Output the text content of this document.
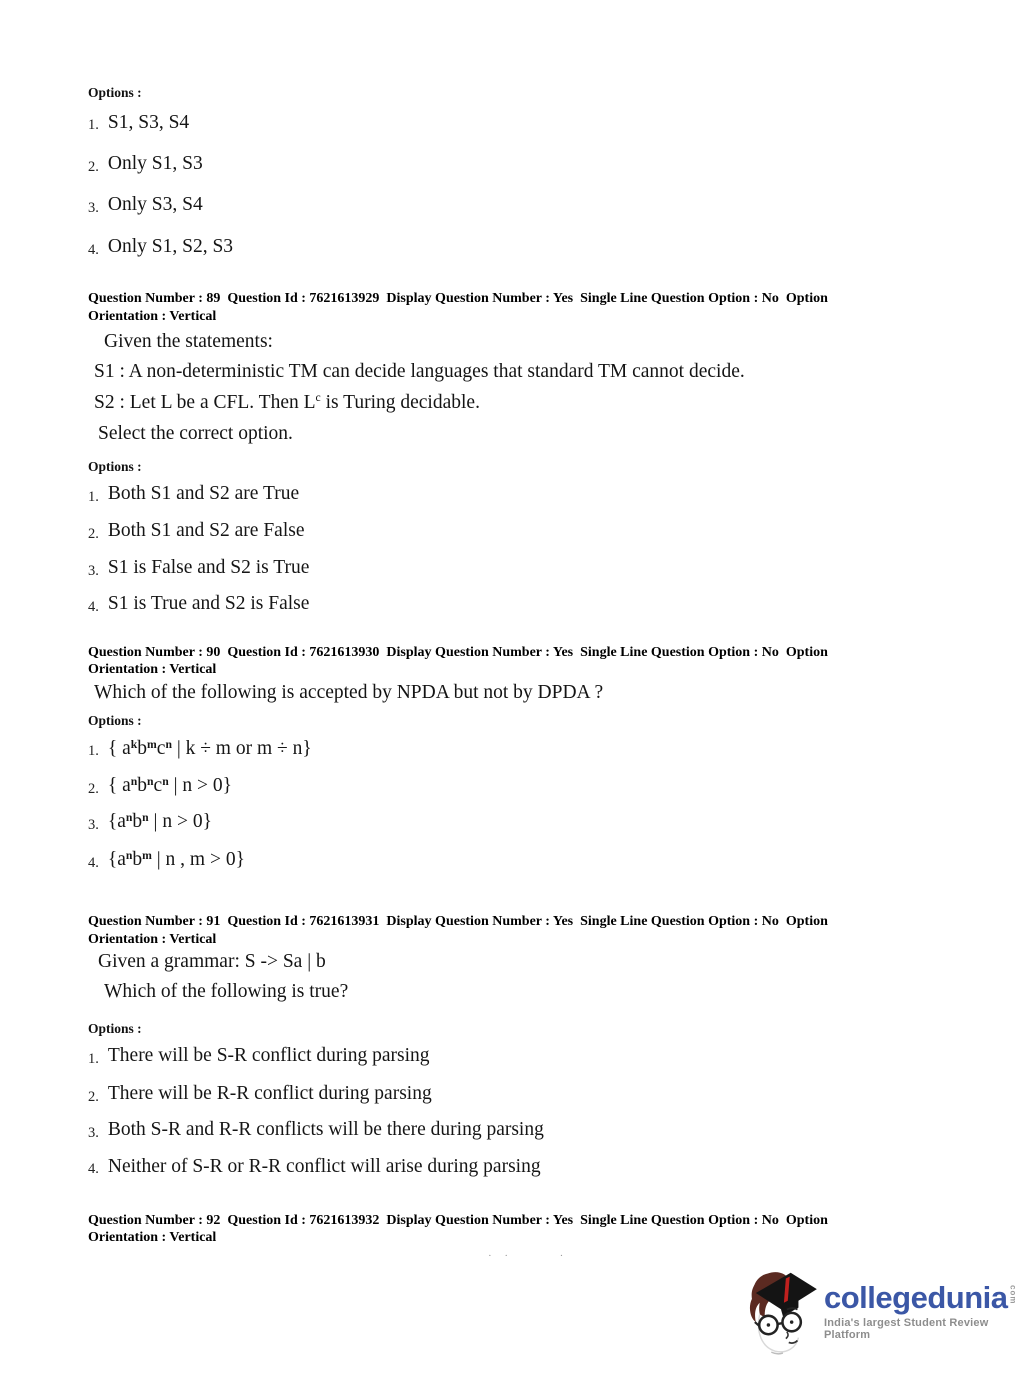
Options :
1. S1, S3, S4
2. Only S1, S3
3. Only S3, S4
4. Only S1, S2, S3

Question Number : 89  Question Id : 7621613929  Display Question Number : Yes  Single Line Question Option : No  Option Orientation : Vertical

Given the statements:

S1 : A non-deterministic TM can decide languages that standard TM cannot decide.

S2 : Let L be a CFL. Then $L^c$ is Turing decidable.

Select the correct option.

Options :
1. Both S1 and S2 are True
2. Both S1 and S2 are False
3. S1 is False and S2 is True
4. S1 is True and S2 is False

Question Number : 90  Question Id : 7621613930  Display Question Number : Yes  Single Line Question Option : No  Option Orientation : Vertical

Which of the following is accepted by NPDA but not by DPDA ?

Options :
1. { $a^kb^mc^n$ | k ÷ m or m ÷ n}
2. { $a^nb^nc^n$ | n > 0}
3. {$a^nb^n$ | n > 0}
4. {$a^nb^m$ | n , m > 0}

Question Number : 91  Question Id : 7621613931  Display Question Number : Yes  Single Line Question Option : No  Option Orientation : Vertical

Given a grammar: S -> Sa | b

Which of the following is true?

Options :
1. There will be S-R conflict during parsing
2. There will be R-R conflict during parsing
3. Both S-R and R-R conflicts will be there during parsing
4. Neither of S-R or R-R conflict will arise during parsing

Question Number : 92  Question Id : 7621613932  Display Question Number : Yes  Single Line Question Option : No  Option Orientation : Vertical

· ·      ·
collegedunia com
India's largest Student Review Platform
